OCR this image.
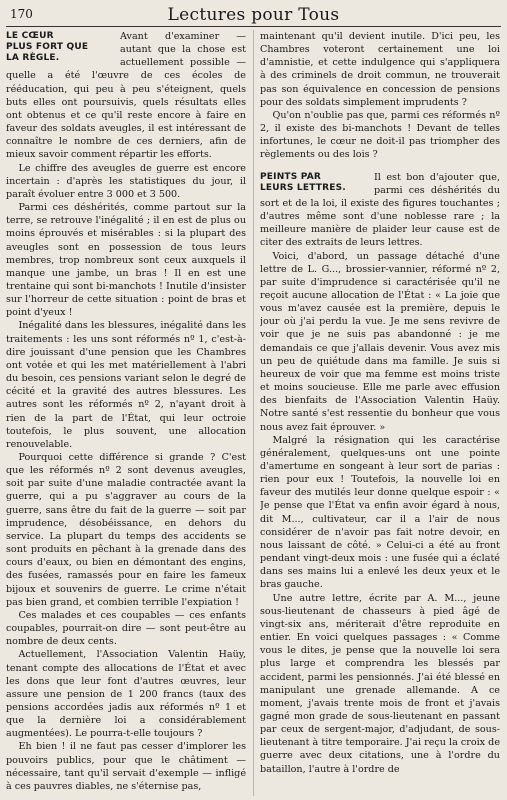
170	Lectures pour Tous
LE CŒUR
PLUS FORT QUE
LA RÈGLE.

Avant d'examiner — autant que la chose est actuellement possible — quelle a été l'œuvre de ces écoles de rééducation, qui peu à peu s'éteignent, quels buts elles ont poursuivis, quels résultats elles ont obtenus et ce qu'il reste encore à faire en faveur des soldats aveugles, il est intéressant de connaître le nombre de ces derniers, afin de mieux savoir comment répartir les efforts.

Le chiffre des aveugles de guerre est encore incertain : d'après les statistiques du jour, il paraît évoluer entre 3 000 et 3 500.

Parmi ces déshérités, comme partout sur la terre, se retrouve l'inégalité ; il en est de plus ou moins éprouvés et misérables : si la plupart des aveugles sont en possession de tous leurs membres, trop nombreux sont ceux auxquels il manque une jambe, un bras ! Il en est une trentaine qui sont bi-manchots ! Inutile d'insister sur l'horreur de cette situation : point de bras et point d'yeux !

Inégalité dans les blessures, inégalité dans les traitements : les uns sont réformés nº 1, c'est-à-dire jouissant d'une pension que les Chambres ont votée et qui les met matériellement à l'abri du besoin, ces pensions variant selon le degré de cécité et la gravité des autres blessures. Les autres sont les réformés nº 2, n'ayant droit à rien de la part de l'État, qui leur octroie toutefois, le plus souvent, une allocation renouvelable.

Pourquoi cette différence si grande ? C'est que les réformés nº 2 sont devenus aveugles, soit par suite d'une maladie contractée avant la guerre, qui a pu s'aggraver au cours de la guerre, sans être du fait de la guerre — soit par imprudence, désobéissance, en dehors du service. La plupart du temps des accidents se sont produits en pêchant à la grenade dans des cours d'eaux, ou bien en démontant des engins, des fusées, ramassés pour en faire les fameux bijoux et souvenirs de guerre. Le crime n'était pas bien grand, et combien terrible l'expiation !

Ces malades et ces coupables — ces enfants coupables, pourrait-on dire — sont peut-être au nombre de deux cents.

Actuellement, l'Association Valentin Haüy, tenant compte des allocations de l'État et avec les dons que leur font d'autres œuvres, leur assure une pension de 1 200 francs (taux des pensions accordées jadis aux réformés nº 1 et que la dernière loi a considérablement augmentées). Le pourra-t-elle toujours ?

Eh bien ! il ne faut pas cesser d'implorer les pouvoirs publics, pour que le châtiment — nécessaire, tant qu'il servait d'exemple — infligé à ces pauvres diables, ne s'éternise pas,

maintenant qu'il devient inutile. D'ici peu, les Chambres voteront certainement une loi d'amnistie, et cette indulgence qui s'appliquera à des criminels de droit commun, ne trouverait pas son équivalence en concession de pensions pour des soldats simplement imprudents ?

Qu'on n'oublie pas que, parmi ces réformés nº 2, il existe des bi-manchots ! Devant de telles infortunes, le cœur ne doit-il pas triompher des règlements ou des lois ?

PEINTS PAR
LEURS LETTRES.

Il est bon d'ajouter que, parmi ces déshérités du sort et de la loi, il existe des figures touchantes ; d'autres même sont d'une noblesse rare ; la meilleure manière de plaider leur cause est de citer des extraits de leurs lettres.

Voici, d'abord, un passage détaché d'une lettre de L. G..., brossier-vannier, réformé nº 2, par suite d'imprudence si caractérisée qu'il ne reçoit aucune allocation de l'État : « La joie que vous m'avez causée est la première, depuis le jour où j'ai perdu la vue. Je me sens revivre de voir que je ne suis pas abandonné : je me demandais ce que j'allais devenir. Vous avez mis un peu de quiétude dans ma famille. Je suis si heureux de voir que ma femme est moins triste et moins soucieuse. Elle me parle avec effusion des bienfaits de l'Association Valentin Haüy. Notre santé s'est ressentie du bonheur que vous nous avez fait éprouver. »

Malgré la résignation qui les caractérise généralement, quelques-uns ont une pointe d'amertume en songeant à leur sort de parias : rien pour eux ! Toutefois, la nouvelle loi en faveur des mutilés leur donne quelque espoir : « Je pense que l'État va enfin avoir égard à nous, dit M..., cultivateur, car il a l'air de nous considérer de n'avoir pas fait notre devoir, en nous laissant de côté. » Celui-ci a été au front pendant vingt-deux mois : une fusée qui a éclaté dans ses mains lui a enlevé les deux yeux et le bras gauche.

Une autre lettre, écrite par A. M..., jeune sous-lieutenant de chasseurs à pied âgé de vingt-six ans, mériterait d'être reproduite en entier. En voici quelques passages : « Comme vous le dites, je pense que la nouvelle loi sera plus large et comprendra les blessés par accident, parmi les pensionnés. J'ai été blessé en manipulant une grenade allemande. A ce moment, j'avais trente mois de front et j'avais gagné mon grade de sous-lieutenant en passant par ceux de sergent-major, d'adjudant, de sous-lieutenant à titre temporaire. J'ai reçu la croix de guerre avec deux citations, une à l'ordre du bataillon, l'autre à l'ordre de
